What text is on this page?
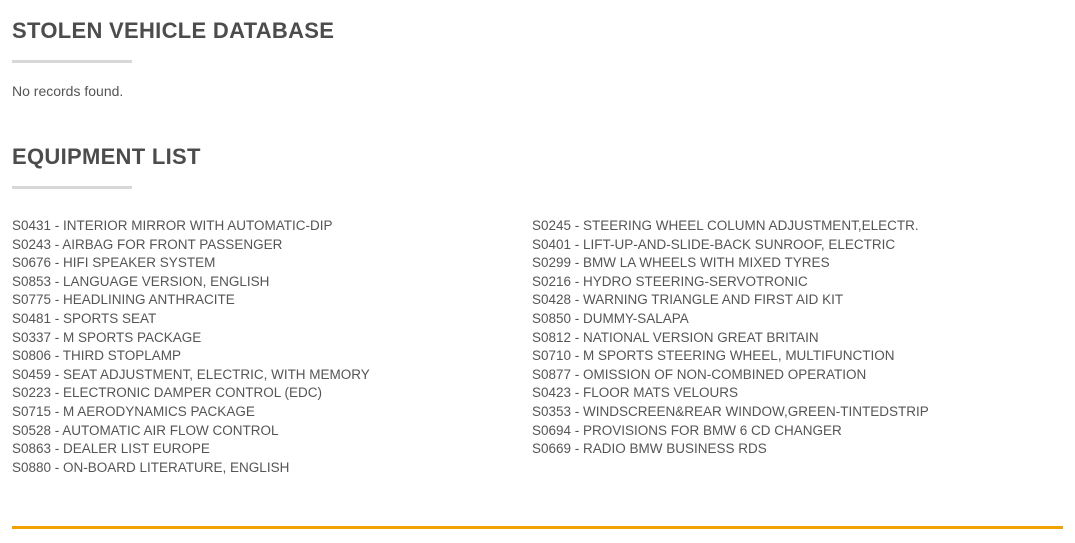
STOLEN VEHICLE DATABASE

No records found.

EQUIPMENT LIST
S0431 - INTERIOR MIRROR WITH AUTOMATIC-DIP
S0243 - AIRBAG FOR FRONT PASSENGER
S0676 - HIFI SPEAKER SYSTEM
S0853 - LANGUAGE VERSION, ENGLISH
S0775 - HEADLINING ANTHRACITE
S0481 - SPORTS SEAT
S0337 - M SPORTS PACKAGE
S0806 - THIRD STOPLAMP
S0459 - SEAT ADJUSTMENT, ELECTRIC, WITH MEMORY
S0223 - ELECTRONIC DAMPER CONTROL (EDC)
S0715 - M AERODYNAMICS PACKAGE
S0528 - AUTOMATIC AIR FLOW CONTROL
S0863 - DEALER LIST EUROPE
S0880 - ON-BOARD LITERATURE, ENGLISH
S0245 - STEERING WHEEL COLUMN ADJUSTMENT,ELECTR.
S0401 - LIFT-UP-AND-SLIDE-BACK SUNROOF, ELECTRIC
S0299 - BMW LA WHEELS WITH MIXED TYRES
S0216 - HYDRO STEERING-SERVOTRONIC
S0428 - WARNING TRIANGLE AND FIRST AID KIT
S0850 - DUMMY-SALAPA
S0812 - NATIONAL VERSION GREAT BRITAIN
S0710 - M SPORTS STEERING WHEEL, MULTIFUNCTION
S0877 - OMISSION OF NON-COMBINED OPERATION
S0423 - FLOOR MATS VELOURS
S0353 - WINDSCREEN&REAR WINDOW,GREEN-TINTEDSTRIP
S0694 - PROVISIONS FOR BMW 6 CD CHANGER
S0669 - RADIO BMW BUSINESS RDS
